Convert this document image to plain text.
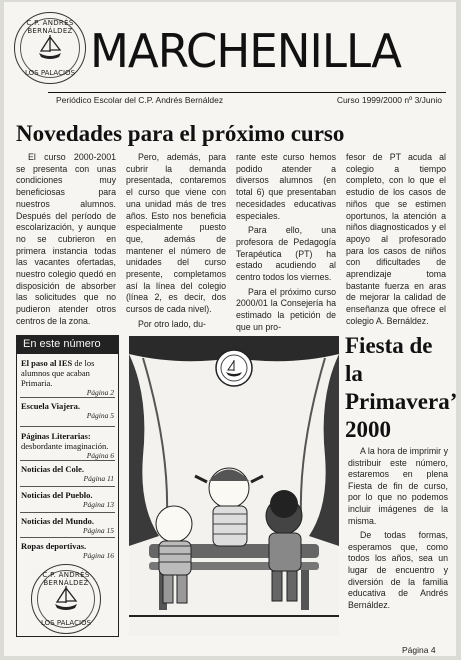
C.P. ANDRÉS BERNÁLDEZ
LOS PALACIOS MARCHENILLA
Periódico Escolar del C.P. Andrés Bernáldez	Curso 1999/2000 nº 3/Junio
Novedades para el próximo curso

El curso 2000-2001 se presenta con unas condiciones muy beneficiosas para nuestros alumnos. Después del período de escolarización, y aunque no se cubrieron en primera instancia todas las vacantes ofertadas, nuestro colegio quedó en disposición de absorber las solicitudes que no pudieron atender otros centros de la zona.

Pero, además, para cubrir la demanda presentada, contaremos el curso que viene con una unidad más de tres años. Esto nos beneficia especialmente puesto que, además de mantener el número de unidades del curso presente, completamos así la línea del colegio (línea 2, es decir, dos cursos de cada nivel).

Por otro lado, du-

rante este curso hemos podido atender a diversos alumnos (en total 6) que presentaban necesidades educativas especiales.

Para ello, una profesora de Pedagogía Terapéutica (PT) ha estado acudiendo al centro todos los viernes.

Para el próximo curso 2000/01 la Consejería ha estimado la petición de que un pro-

fesor de PT acuda al colegio a tiempo completo, con lo que el estudio de los casos de niños que se estimen oportunos, la atención a niños diagnosticados y el apoyo al profesorado para los casos de niños con dificultades de aprendizaje toma bastante fuerza en aras de mejorar la calidad de enseñanza que ofrece el colegio A. Bernáldez.

En este número
El paso al IES de los alumnos que acaban Primaria.
Página 2
Escuela Viajera.
Página 5
Páginas Literarias: desbordante imaginación.
Página 6
Noticias del Cole.
Página 11
Noticias del Pueblo.
Página 13
Noticias del Mundo.
Página 15
Ropas deportivas.
Página 16
C.P. ANDRÉS BERNÁLDEZ
LOS PALACIOS
Fiesta de
la
Primavera’
2000

A la hora de imprimir y distribuir este número, estaremos en plena Fiesta de fin de curso, por lo que no podemos incluir imágenes de la misma.

De todas formas, esperamos que, como todos los años, sea un lugar de encuentro y diversión de la familia educativa de Andrés Bernáldez.

Página 4
